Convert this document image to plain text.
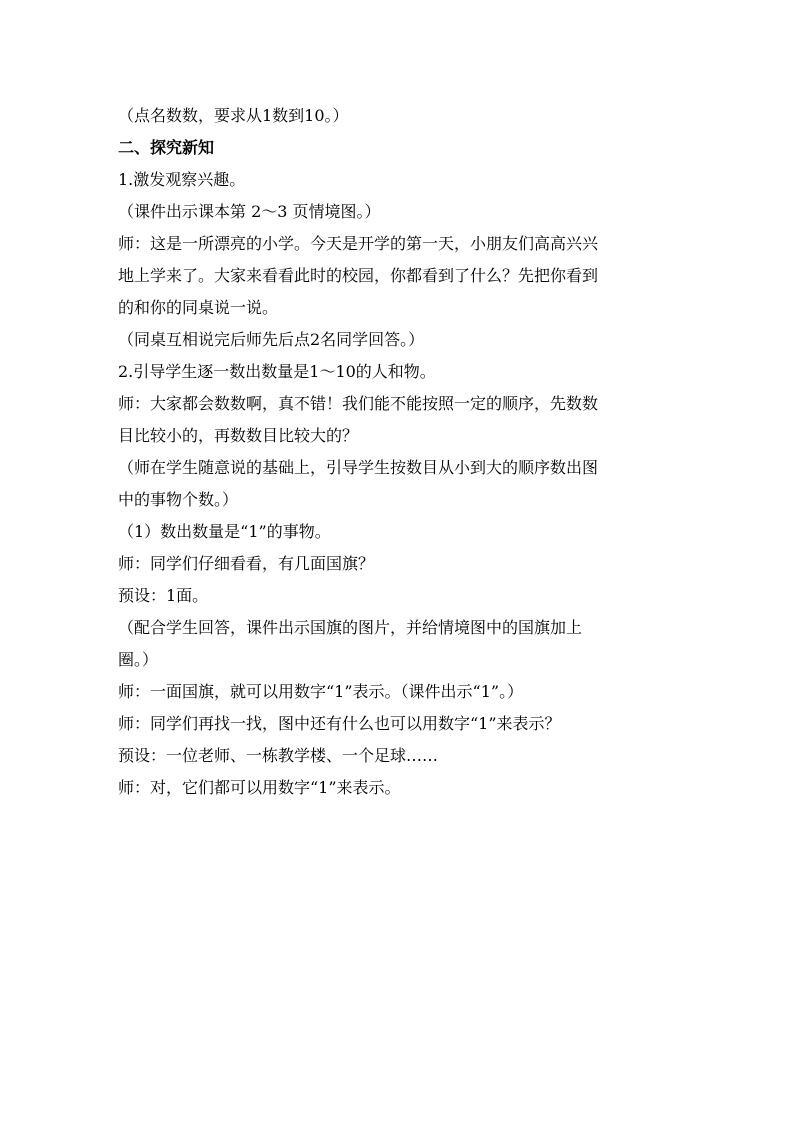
（点名数数，要求从1数到10。）

二、探究新知

1.激发观察兴趣。

（课件出示课本第 2～3 页情境图。）

师：这是一所漂亮的小学。今天是开学的第一天，小朋友们高高兴兴

地上学来了。大家来看看此时的校园，你都看到了什么？先把你看到

的和你的同桌说一说。

（同桌互相说完后师先后点2名同学回答。）

2.引导学生逐一数出数量是1～10的人和物。

师：大家都会数数啊，真不错！我们能不能按照一定的顺序，先数数

目比较小的，再数数目比较大的？

（师在学生随意说的基础上，引导学生按数目从小到大的顺序数出图

中的事物个数。）

（1）数出数量是“1”的事物。

师：同学们仔细看看，有几面国旗？

预设：1面。

（配合学生回答，课件出示国旗的图片，并给情境图中的国旗加上

圈。）

师：一面国旗，就可以用数字“1”表示。（课件出示“1”。）

师：同学们再找一找，图中还有什么也可以用数字“1”来表示？

预设：一位老师、一栋教学楼、一个足球……

师：对，它们都可以用数字“1”来表示。
